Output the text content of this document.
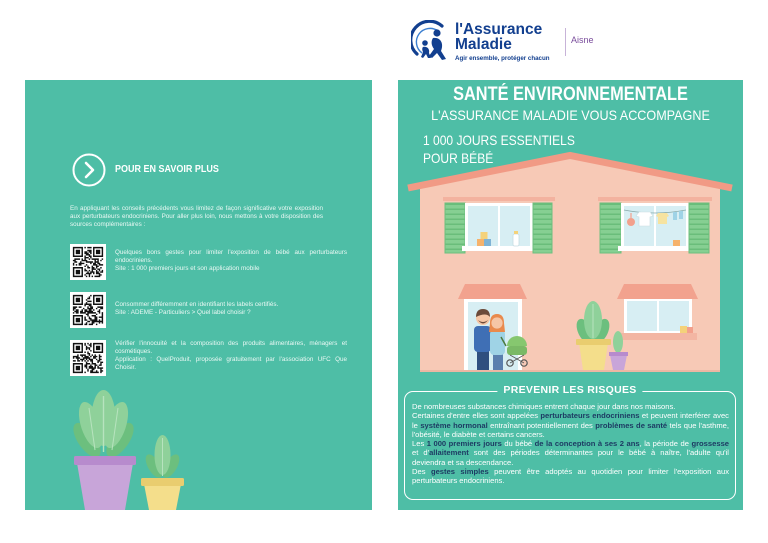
l'Assurance
Maladie
Agir ensemble, protéger chacun
Aisne
POUR EN SAVOIR PLUS

En appliquant les conseils précédents vous limitez de façon significative votre exposition aux perturbateurs endocriniens. Pour aller plus loin, nous mettons à votre disposition des sources complémentaires :

Quelques bons gestes pour limiter l'exposition de bébé aux perturbateurs endocriniens.

Site : 1 000 premiers jours et son application mobile

Consommer différemment en identifiant les labels certifiés.

Site : ADEME - Particuliers > Quel label choisir ?

Vérifier l'innocuité et la composition des produits alimentaires, ménagers et cosmétiques.

Application : QuelProduit, proposée gratuitement par l'association UFC Que Choisir.

SANTÉ ENVIRONNEMENTALE
L'ASSURANCE MALADIE VOUS ACCOMPAGNE
1 000 JOURS ESSENTIELS
POUR BÉBÉ
PREVENIR LES RISQUES

De nombreuses substances chimiques entrent chaque jour dans nos maisons.

Certaines d'entre elles sont appelées perturbateurs endocriniens et peuvent interférer avec le système hormonal entraînant potentiellement des problèmes de santé tels que l'asthme, l'obésité, le diabète et certains cancers.

Les 1 000 premiers jours du bébé de la conception à ses 2 ans, la période de grossesse et d'allaitement sont des périodes déterminantes pour le bébé à naître, l'adulte qu'il deviendra et sa descendance.

Des gestes simples peuvent être adoptés au quotidien pour limiter l'exposition aux perturbateurs endocriniens.
